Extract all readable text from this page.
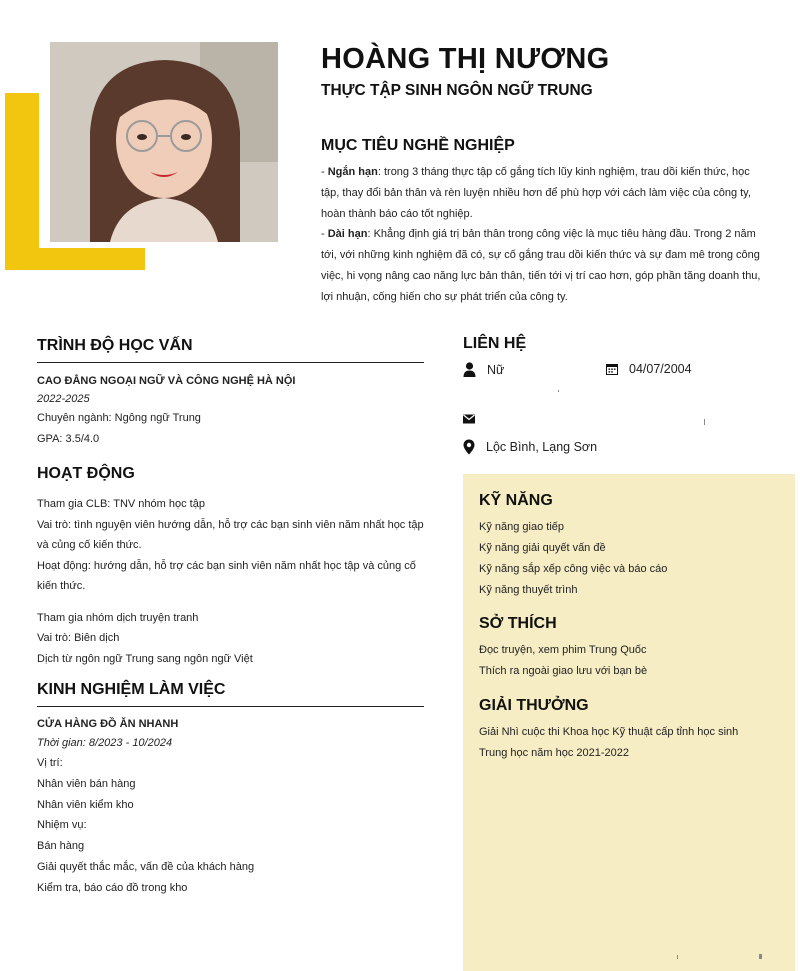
HOÀNG THỊ NƯƠNG
THỰC TẬP SINH NGÔN NGỮ TRUNG
MỤC TIÊU NGHỀ NGHIỆP

- Ngắn hạn: trong 3 tháng thực tập cố gắng tích lũy kinh nghiệm, trau dồi kiến thức, học tập, thay đổi bản thân và rèn luyện nhiều hơn để phù hợp với cách làm việc của công ty, hoàn thành báo cáo tốt nghiệp.

- Dài hạn: Khẳng định giá trị bản thân trong công việc là mục tiêu hàng đầu. Trong 2 năm tới, với những kinh nghiệm đã có, sự cố gắng trau dồi kiến thức và sự đam mê trong công việc, hi vọng nâng cao năng lực bản thân, tiến tới vị trí cao hơn, góp phần tăng doanh thu, lợi nhuận, cống hiến cho sự phát triển của công ty.

TRÌNH ĐỘ HỌC VẤN
CAO ĐẲNG NGOẠI NGỮ VÀ CÔNG NGHỆ HÀ NỘI
2022-2025
Chuyên ngành: Ngông ngữ Trung
GPA: 3.5/4.0
HOẠT ĐỘNG

Tham gia CLB: TNV nhóm học tập

Vai trò: tình nguyện viên hướng dẫn, hỗ trợ các bạn sinh viên năm nhất học tập và củng cố kiến thức.

Hoạt động: hướng dẫn, hỗ trợ các bạn sinh viên năm nhất học tập và củng cố kiến thức.

Tham gia nhóm dịch truyện tranh

Vai trò: Biên dịch

Dịch từ ngôn ngữ Trung sang ngôn ngữ Việt

KINH NGHIỆM LÀM VIỆC
CỬA HÀNG ĐỒ ĂN NHANH
Thời gian: 8/2023 - 10/2024
Vị trí:
Nhân viên bán hàng
Nhân viên kiểm kho
Nhiệm vụ:
Bán hàng
Giải quyết thắc mắc, vấn đề của khách hàng
Kiểm tra, báo cáo đồ trong kho
LIÊN HỆ
Nữ	04/07/2004
Lộc Bình, Lạng Sơn
KỸ NĂNG
Kỹ năng giao tiếp
Kỹ năng giải quyết vấn đề
Kỹ năng sắp xếp công việc và báo cáo
Kỹ năng thuyết trình
SỞ THÍCH
Đọc truyện, xem phim Trung Quốc
Thích ra ngoài giao lưu với bạn bè
GIẢI THƯỞNG
Giải Nhì cuộc thi Khoa học Kỹ thuật cấp tỉnh học sinh
Trung học năm học 2021-2022
